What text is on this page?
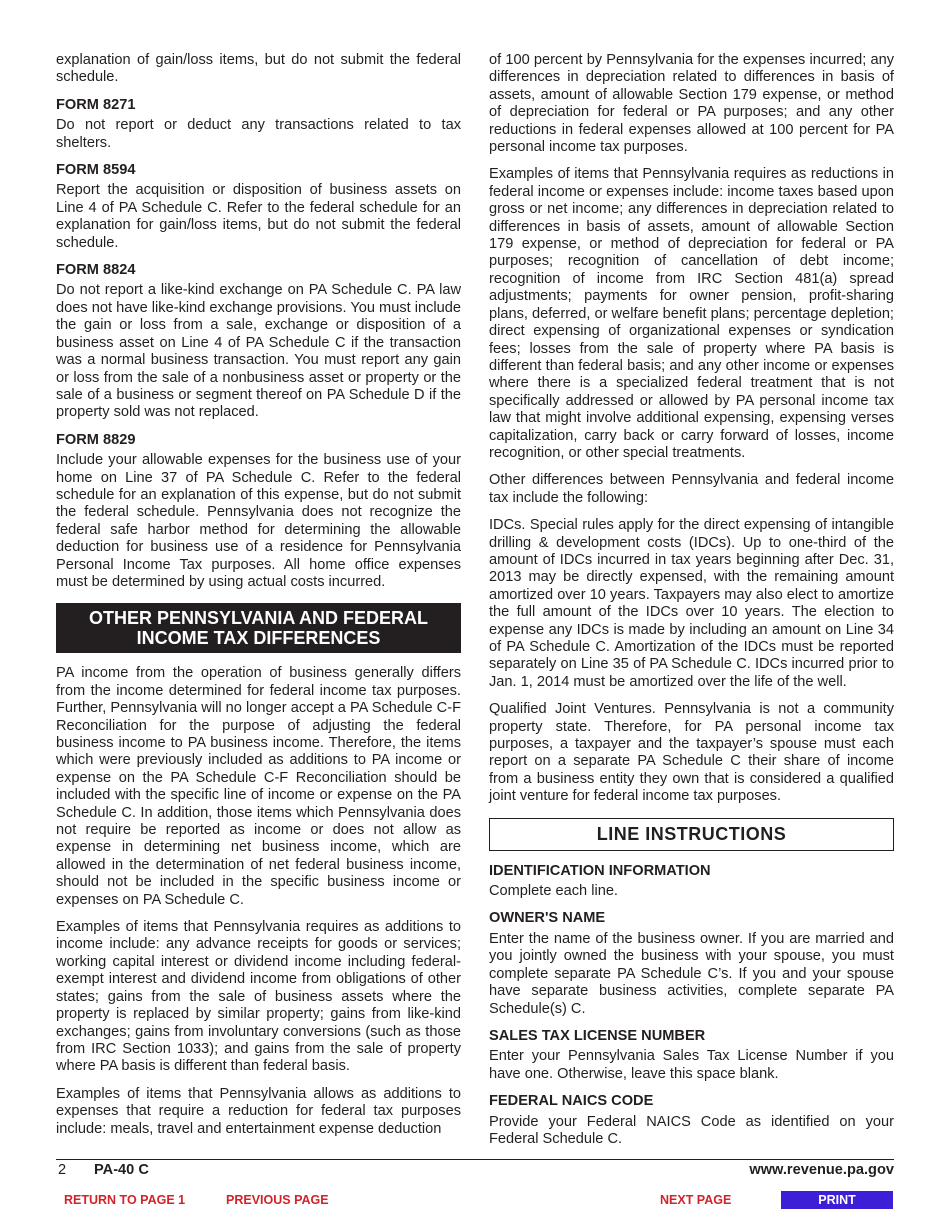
explanation of gain/loss items, but do not submit the federal schedule.

FORM 8271

Do not report or deduct any transactions related to tax shelters.

FORM 8594

Report the acquisition or disposition of business assets on Line 4 of PA Schedule C. Refer to the federal schedule for an explanation for gain/loss items, but do not submit the federal schedule.

FORM 8824

Do not report a like-kind exchange on PA Schedule C. PA law does not have like-kind exchange provisions. You must include the gain or loss from a sale, exchange or disposition of a business asset on Line 4 of PA Schedule C if the transaction was a normal business transaction. You must report any gain or loss from the sale of a nonbusiness asset or property or the sale of a business or segment thereof on PA Schedule D if the property sold was not replaced.

FORM 8829

Include your allowable expenses for the business use of your home on Line 37 of PA Schedule C. Refer to the federal schedule for an explanation of this expense, but do not submit the federal schedule. Pennsylvania does not recognize the federal safe harbor method for determining the allowable deduction for business use of a residence for Pennsylvania Personal Income Tax purposes. All home office expenses must be determined by using actual costs incurred.

OTHER PENNSYLVANIA AND FEDERAL
INCOME TAX DIFFERENCES

PA income from the operation of business generally differs from the income determined for federal income tax purposes. Further, Pennsylvania will no longer accept a PA Schedule C-F Reconciliation for the purpose of adjusting the federal business income to PA business income. Therefore, the items which were previously included as additions to PA income or expense on the PA Schedule C-F Reconciliation should be included with the specific line of income or expense on the PA Schedule C. In addition, those items which Pennsylvania does not require be reported as income or does not allow as expense in determining net business income, which are allowed in the determination of net federal business income, should not be included in the specific business income or expenses on PA Schedule C.

Examples of items that Pennsylvania requires as additions to income include: any advance receipts for goods or services; working capital interest or dividend income including federal-exempt interest and dividend income from obligations of other states; gains from the sale of business assets where the property is replaced by similar property; gains from like-kind exchanges; gains from involuntary conversions (such as those from IRC Section 1033); and gains from the sale of property where PA basis is different than federal basis.

Examples of items that Pennsylvania allows as additions to expenses that require a reduction for federal tax purposes include: meals, travel and entertainment expense deduction

of 100 percent by Pennsylvania for the expenses incurred; any differences in depreciation related to differences in basis of assets, amount of allowable Section 179 expense, or method of depreciation for federal or PA purposes; and any other reductions in federal expenses allowed at 100 percent for PA personal income tax purposes.

Examples of items that Pennsylvania requires as reductions in federal income or expenses include: income taxes based upon gross or net income; any differences in depreciation related to differences in basis of assets, amount of allowable Section 179 expense, or method of depreciation for federal or PA purposes; recognition of cancellation of debt income; recognition of income from IRC Section 481(a) spread adjustments; payments for owner pension, profit-sharing plans, deferred, or welfare benefit plans; percentage depletion; direct expensing of organizational expenses or syndication fees; losses from the sale of property where PA basis is different than federal basis; and any other income or expenses where there is a specialized federal treatment that is not specifically addressed or allowed by PA personal income tax law that might involve additional expensing, expensing verses capitalization, carry back or carry forward of losses, income recognition, or other special treatments.

Other differences between Pennsylvania and federal income tax include the following:

IDCs. Special rules apply for the direct expensing of intangible drilling & development costs (IDCs). Up to one-third of the amount of IDCs incurred in tax years beginning after Dec. 31, 2013 may be directly expensed, with the remaining amount amortized over 10 years. Taxpayers may also elect to amortize the full amount of the IDCs over 10 years. The election to expense any IDCs is made by including an amount on Line 34 of PA Schedule C. Amortization of the IDCs must be reported separately on Line 35 of PA Schedule C. IDCs incurred prior to Jan. 1, 2014 must be amortized over the life of the well.

Qualified Joint Ventures. Pennsylvania is not a community property state. Therefore, for PA personal income tax purposes, a taxpayer and the taxpayer’s spouse must each report on a separate PA Schedule C their share of income from a business entity they own that is considered a qualified joint venture for federal income tax purposes.

LINE INSTRUCTIONS
IDENTIFICATION INFORMATION

Complete each line.

OWNER'S NAME

Enter the name of the business owner. If you are married and you jointly owned the business with your spouse, you must complete separate PA Schedule C’s. If you and your spouse have separate business activities, complete separate PA Schedule(s) C.

SALES TAX LICENSE NUMBER

Enter your Pennsylvania Sales Tax License Number if you have one. Otherwise, leave this space blank.

FEDERAL NAICS CODE

Provide your Federal NAICS Code as identified on your Federal Schedule C.

2 PA-40 C	www.revenue.pa.gov
RETURN TO PAGE 1	PREVIOUS PAGE	NEXT PAGE	PRINT
